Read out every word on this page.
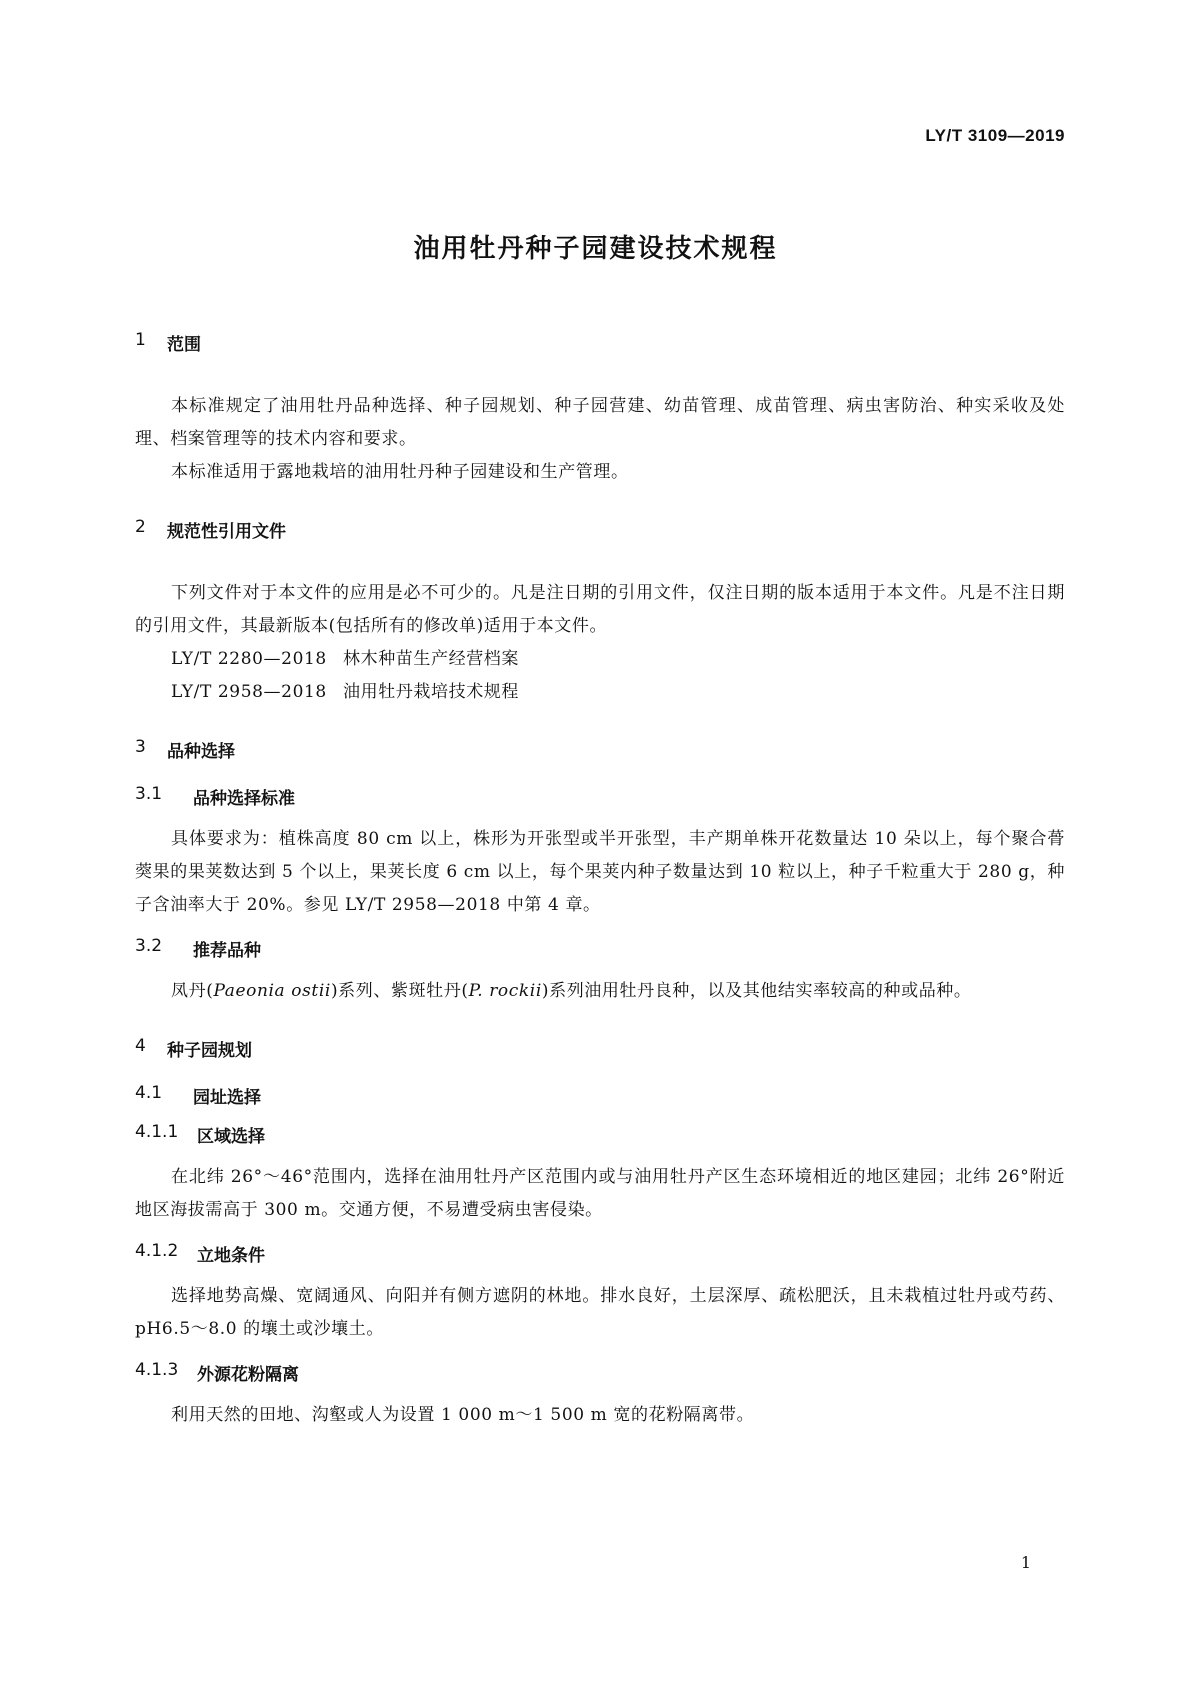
LY/T 3109—2019
油用牡丹种子园建设技术规程
1	范围

本标准规定了油用牡丹品种选择、种子园规划、种子园营建、幼苗管理、成苗管理、病虫害防治、种实采收及处理、档案管理等的技术内容和要求。

本标准适用于露地栽培的油用牡丹种子园建设和生产管理。

2	规范性引用文件

下列文件对于本文件的应用是必不可少的。凡是注日期的引用文件，仅注日期的版本适用于本文件。凡是不注日期的引用文件，其最新版本(包括所有的修改单)适用于本文件。

LY/T 2280—2018 林木种苗生产经营档案

LY/T 2958—2018 油用牡丹栽培技术规程

3	品种选择
3.1	品种选择标准

具体要求为：植株高度 80 cm 以上，株形为开张型或半开张型，丰产期单株开花数量达 10 朵以上，每个聚合蓇葖果的果荚数达到 5 个以上，果荚长度 6 cm 以上，每个果荚内种子数量达到 10 粒以上，种子千粒重大于 280 g，种子含油率大于 20%。参见 LY/T 2958—2018 中第 4 章。

3.2	推荐品种

凤丹(Paeonia ostii)系列、紫斑牡丹(P. rockii)系列油用牡丹良种，以及其他结实率较高的种或品种。

4	种子园规划
4.1	园址选择
4.1.1	区域选择

在北纬 26°～46°范围内，选择在油用牡丹产区范围内或与油用牡丹产区生态环境相近的地区建园；北纬 26°附近地区海拔需高于 300 m。交通方便，不易遭受病虫害侵染。

4.1.2	立地条件

选择地势高燥、宽阔通风、向阳并有侧方遮阴的林地。排水良好，土层深厚、疏松肥沃，且未栽植过牡丹或芍药、pH6.5～8.0 的壤土或沙壤土。

4.1.3	外源花粉隔离

利用天然的田地、沟壑或人为设置 1 000 m～1 500 m 宽的花粉隔离带。

1
